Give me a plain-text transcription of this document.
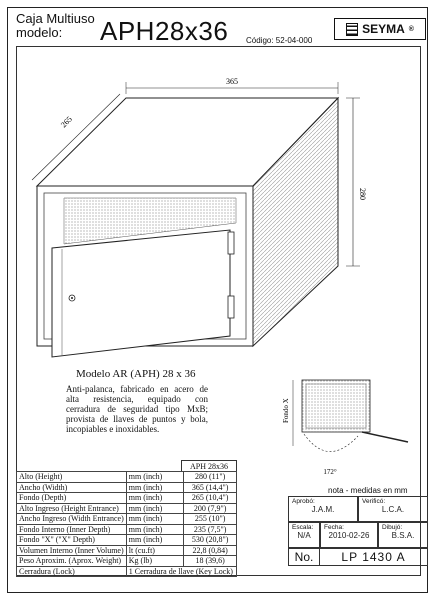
Caja Multiuso
modelo:	APH28x36 Código: 52-04-000
SEYMA ®
365
265
280
Fondo X
172°
Modelo AR (APH) 28 x 36
Anti-palanca, fabricado en acero de alta resistencia, equipado con cerradura de seguridad tipo MxB; provista de llaves de puntos y bola, incopiables e inoxidables.
APH 28x36
Alto (Height)	mm (inch)	280 (11")
Ancho (Width)	mm (inch)	365 (14,4")
Fondo (Depth)	mm (inch)	265 (10,4")
Alto Ingreso (Height Entrance)	mm (inch)	200 (7,9")
Ancho Ingreso (Width Entrance)	mm (inch)	255 (10")
Fondo Interno (Inner Depth)	mm (inch)	235 (7,5")
Fondo "X" ("X" Depth)	mm (inch)	530 (20,8")
Volumen Interno (Inner Volume)	lt (cu.ft)	22,8 (0,84)
Peso Aproxim. (Aprox. Weight)	Kg (lb)	18 (39,6)
Cerradura (Lock)	1 Cerradura de llave (Key Lock)	
nota - medidas en mm
Aprobó:
J.A.M.
Verificó:
L.C.A.
Escala:
N/A
Fecha:
2010-02-26
Dibujó:
B.S.A.
No.	LP 1430 A
